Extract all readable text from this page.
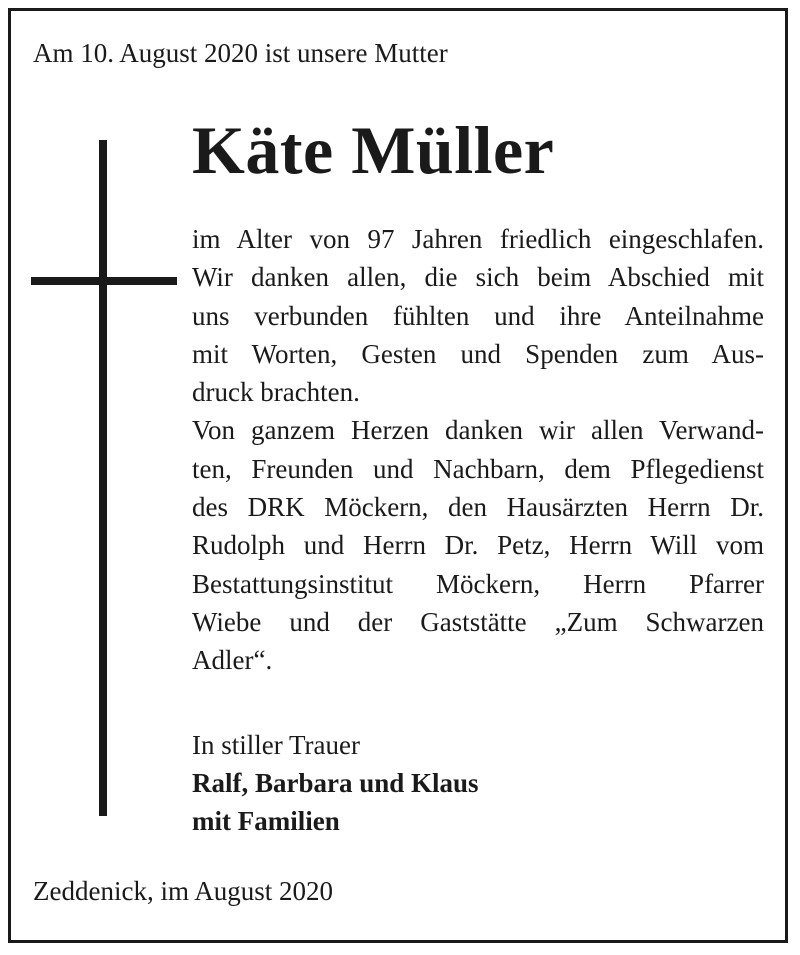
Am 10. August 2020 ist unsere Mutter
Käte Müller
im Alter von 97 Jahren friedlich eingeschlafen.
Wir danken allen, die sich beim Abschied mit
uns verbunden fühlten und ihre Anteilnahme
mit Worten, Gesten und Spenden zum Aus-
druck brachten.
Von ganzem Herzen danken wir allen Verwand-
ten, Freunden und Nachbarn, dem Pflegedienst
des DRK Möckern, den Hausärzten Herrn Dr.
Rudolph und Herrn Dr. Petz, Herrn Will vom
Bestattungsinstitut Möckern, Herrn Pfarrer
Wiebe und der Gaststätte „Zum Schwarzen
Adler“.
In stiller Trauer
Ralf, Barbara und Klaus
mit Familien
Zeddenick, im August 2020
